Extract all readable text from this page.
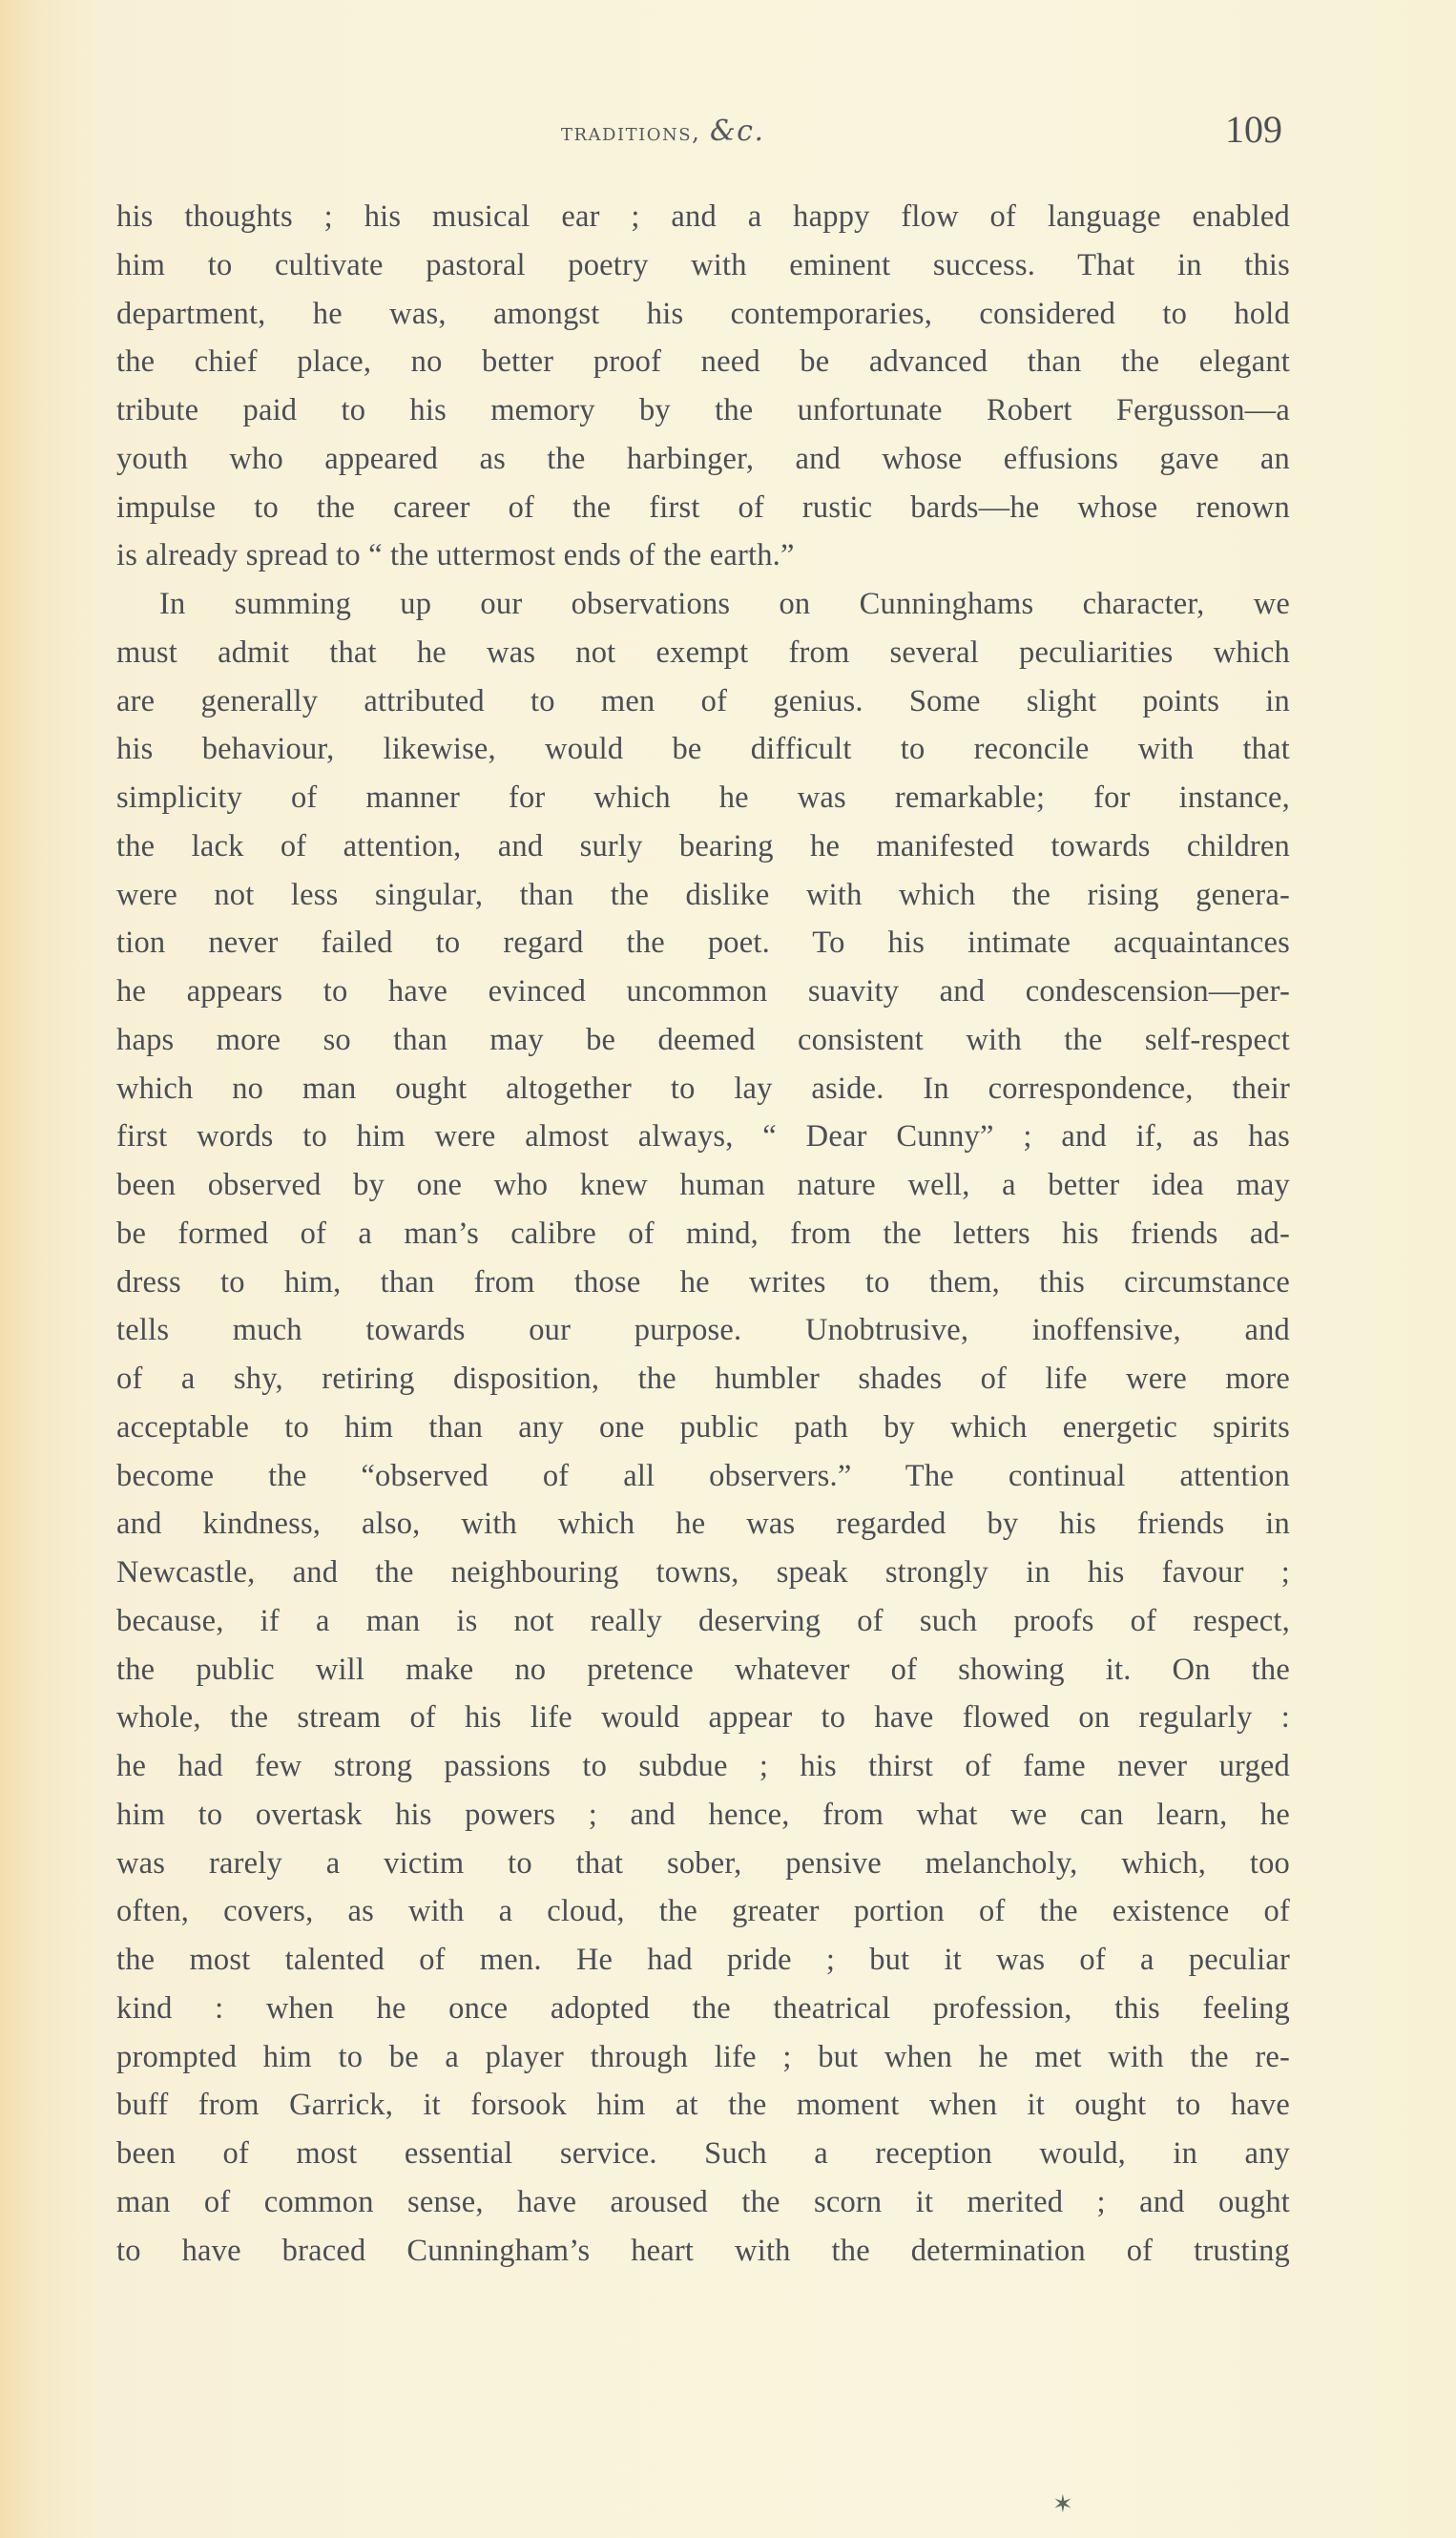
traditions, &c.	109
his thoughts ; his musical ear ; and a happy flow of language enabled
him to cultivate pastoral poetry with eminent success. That in this
department, he was, amongst his contemporaries, considered to hold
the chief place, no better proof need be advanced than the elegant
tribute paid to his memory by the unfortunate Robert Fergusson—a
youth who appeared as the harbinger, and whose effusions gave an
impulse to the career of the first of rustic bards—he whose renown
is already spread to “ the uttermost ends of the earth.”
In summing up our observations on Cunninghams character, we
must admit that he was not exempt from several peculiarities which
are generally attributed to men of genius. Some slight points in
his behaviour, likewise, would be difficult to reconcile with that
simplicity of manner for which he was remarkable; for instance,
the lack of attention, and surly bearing he manifested towards children
were not less singular, than the dislike with which the rising genera-
tion never failed to regard the poet. To his intimate acquaintances
he appears to have evinced uncommon suavity and condescension—per-
haps more so than may be deemed consistent with the self-respect
which no man ought altogether to lay aside. In correspondence, their
first words to him were almost always, “ Dear Cunny” ; and if, as has
been observed by one who knew human nature well, a better idea may
be formed of a man’s calibre of mind, from the letters his friends ad-
dress to him, than from those he writes to them, this circumstance
tells much towards our purpose. Unobtrusive, inoffensive, and
of a shy, retiring disposition, the humbler shades of life were more
acceptable to him than any one public path by which energetic spirits
become the “observed of all observers.” The continual attention
and kindness, also, with which he was regarded by his friends in
Newcastle, and the neighbouring towns, speak strongly in his favour ;
because, if a man is not really deserving of such proofs of respect,
the public will make no pretence whatever of showing it. On the
whole, the stream of his life would appear to have flowed on regularly :
he had few strong passions to subdue ; his thirst of fame never urged
him to overtask his powers ; and hence, from what we can learn, he
was rarely a victim to that sober, pensive melancholy, which, too
often, covers, as with a cloud, the greater portion of the existence of
the most talented of men. He had pride ; but it was of a peculiar
kind : when he once adopted the theatrical profession, this feeling
prompted him to be a player through life ; but when he met with the re-
buff from Garrick, it forsook him at the moment when it ought to have
been of most essential service. Such a reception would, in any
man of common sense, have aroused the scorn it merited ; and ought
to have braced Cunningham’s heart with the determination of trusting
✶
